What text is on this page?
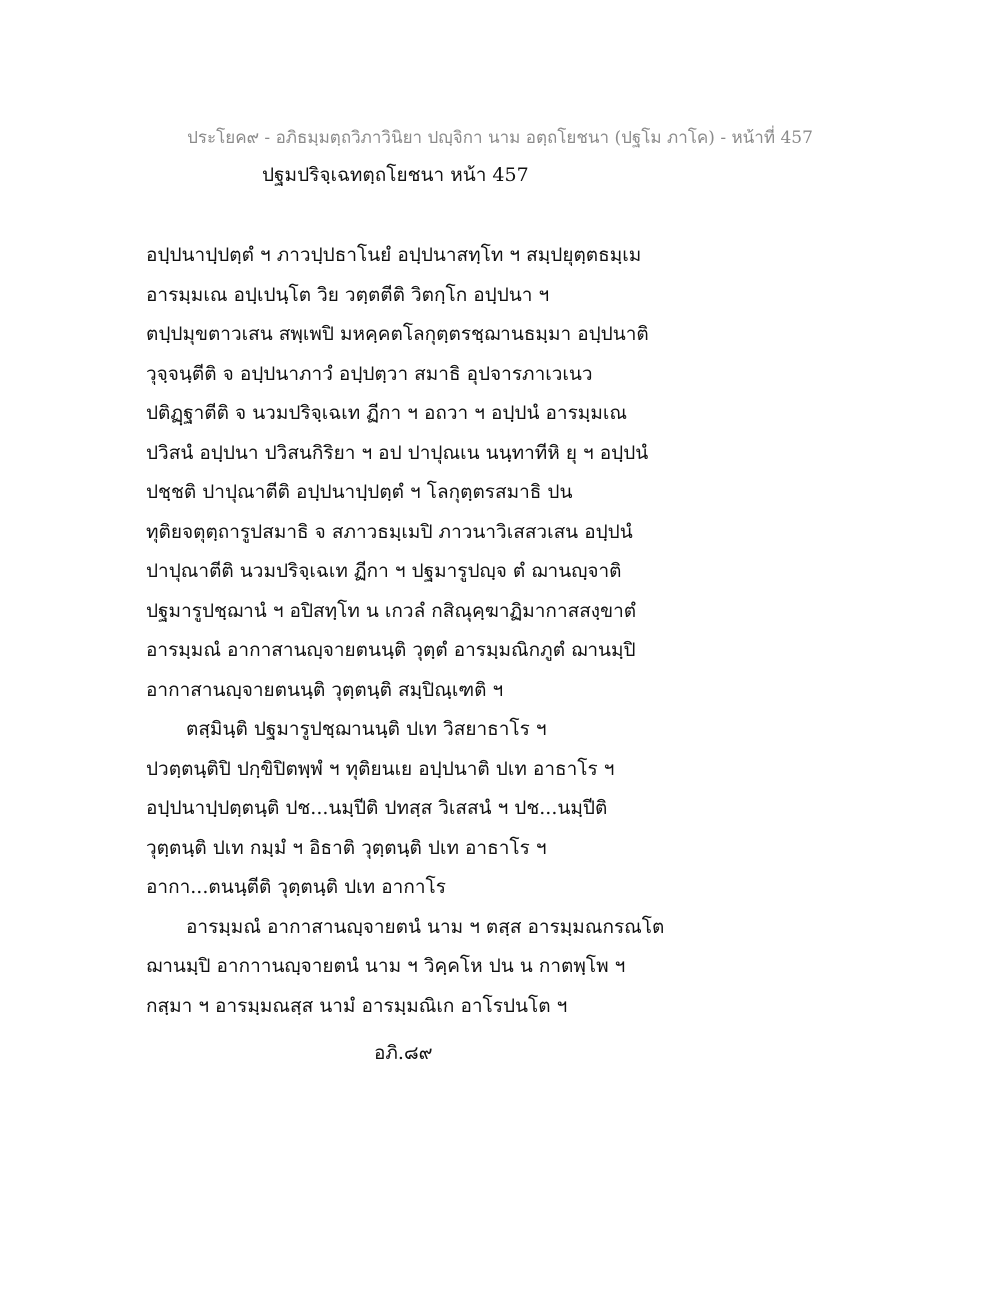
ประโยค๙ - อภิธมฺมตฺถวิภาวินิยา ปญฺจิกา นาม อตฺถโยชนา (ปฐโม ภาโค) - หน้าที่ 457
ปฐมปริจฺเฉทตฺถโยชนา หน้า 457
อปฺปนาปฺปตฺตํ ฯ ภาวปฺปธาโนยํ อปฺปนาสทฺโท ฯ สมฺปยุตฺตธมฺเม
อารมฺมเณ อปฺเปนฺโต วิย วตฺตตีติ วิตกฺโก อปฺปนา ฯ
ตปฺปมุขตาวเสน สพฺเพปิ มหคฺคตโลกุตฺตรชฺฌานธมฺมา อปฺปนาติ
วุจฺจนฺตีติ จ อปฺปนาภาวํ อปฺปตฺวา สมาธิ อุปจารภาเวเนว
ปติฏฺฐาตีติ จ นวมปริจฺเฉเท ฏีกา ฯ อถวา ฯ อปฺปนํ อารมฺมเณ
ปวิสนํ อปฺปนา ปวิสนกิริยา ฯ อป ปาปุณเน นนฺทาทีหิ ยุ ฯ อปฺปนํ
ปชฺชติ ปาปุณาตีติ อปฺปนาปฺปตฺตํ ฯ โลกุตฺตรสมาธิ ปน
ทุติยจตุตฺถารูปสมาธิ จ สภาวธมฺเมปิ ภาวนาวิเสสวเสน อปฺปนํ
ปาปุณาตีติ นวมปริจฺเฉเท ฏีกา ฯ ปฐมารูปญฺจ ตํ ฌานญฺจาติ
ปฐมารูปชฺฌานํ ฯ อปิสทฺโท น เกวลํ กสิณุคฺฆาฏิมากาสสงฺขาตํ
อารมฺมณํ อากาสานญฺจายตนนฺติ วุตฺตํ อารมฺมณิกภูตํ ฌานมฺปิ
อากาสานญฺจายตนนฺติ วุตฺตนฺติ สมฺปิณฺเฑติ ฯ
ตสฺมินฺติ ปฐมารูปชฺฌานนฺติ ปเท วิสยาธาโร ฯ
ปวตฺตนฺติปิ ปกฺขิปิตพฺพํ ฯ ทุติยนเย อปฺปนาติ ปเท อาธาโร ฯ
อปฺปนาปฺปตฺตนฺติ ปช...นมฺปีติ ปทสฺส วิเสสนํ ฯ ปช...นมฺปีติ
วุตฺตนฺติ ปเท กมฺมํ ฯ อิธาติ วุตฺตนฺติ ปเท อาธาโร ฯ
อากา...ตนนฺตีติ วุตฺตนฺติ ปเท อากาโร
อารมฺมณํ อากาสานญฺจายตนํ นาม ฯ ตสฺส อารมฺมณกรณโต
ฌานมฺปิ อากาานญฺจายตนํ นาม ฯ วิคฺคโห ปน น กาตพฺโพ ฯ
กสฺมา ฯ อารมฺมณสฺส นามํ อารมฺมณิเก อาโรปนโต ฯ
อภิ.๘๙
